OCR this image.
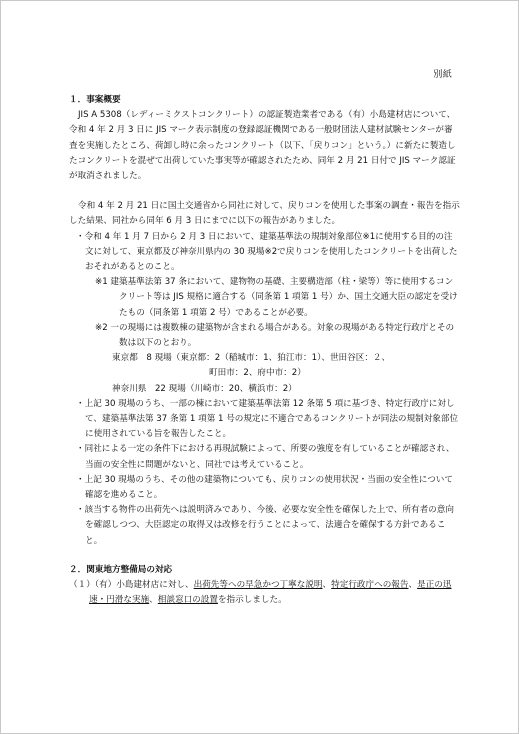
別紙

１．事案概要

JIS A 5308（レディーミクストコンクリート）の認証製造業者である（有）小島建材店について、令和 4 年 2 月 3 日に JIS マーク表示制度の登録認証機関である一般財団法人建材試験センターが審査を実施したところ、荷卸し時に余ったコンクリート（以下、「戻りコン」という。）に新たに製造したコンクリートを混ぜて出荷していた事実等が確認されたため、同年 2 月 21 日付で JIS マーク認証が取消されました。

令和 4 年 2 月 21 日に国土交通省から同社に対して、戻りコンを使用した事案の調査・報告を指示した結果、同社から同年 6 月 3 日にまでに以下の報告がありました。

・令和 4 年 1 月 7 日から 2 月 3 日において、建築基準法の規制対象部位※1に使用する目的の注文に対して、東京都及び神奈川県内の 30 現場※2で戻りコンを使用したコンクリートを出荷したおそれがあるとのこと。

※1 建築基準法第 37 条において、建物物の基礎、主要構造部（柱・梁等）等に使用するコンクリート等は JIS 規格に適合する（同条第 1 項第 1 号）か、国土交通大臣の認定を受けたもの（同条第 1 項第 2 号）であることが必要。

※2 一の現場には複数棟の建築物が含まれる場合がある。対象の現場がある特定行政庁とその数は以下のとおり。

東京都　8 現場（東京都：2（稲城市：1、狛江市：1）、世田谷区：２、

町田市：2、府中市：2）

神奈川県　22 現場（川崎市：20、横浜市：2）

・上記 30 現場のうち、一部の棟において建築基準法第 12 条第 5 項に基づき、特定行政庁に対して、建築基準法第 37 条第 1 項第 1 号の規定に不適合であるコンクリートが同法の規制対象部位に使用されている旨を報告したこと。

・同社による一定の条件下における再現試験によって、所要の強度を有していることが確認され、当面の安全性に問題がないと、同社では考えていること。

・上記 30 現場のうち、その他の建築物についても、戻りコンの使用状況・当面の安全性について確認を進めること。

・該当する物件の出荷先へは説明済みであり、今後、必要な安全性を確保した上で、所有者の意向を確認しつつ、大臣認定の取得又は改修を行うことによって、法適合を確保する方針であること。

２．関東地方整備局の対応

（１）（有）小島建材店に対し、出荷先等への早急かつ丁寧な説明、特定行政庁への報告、是正の迅速・円滑な実施、相談窓口の設置を指示しました。
